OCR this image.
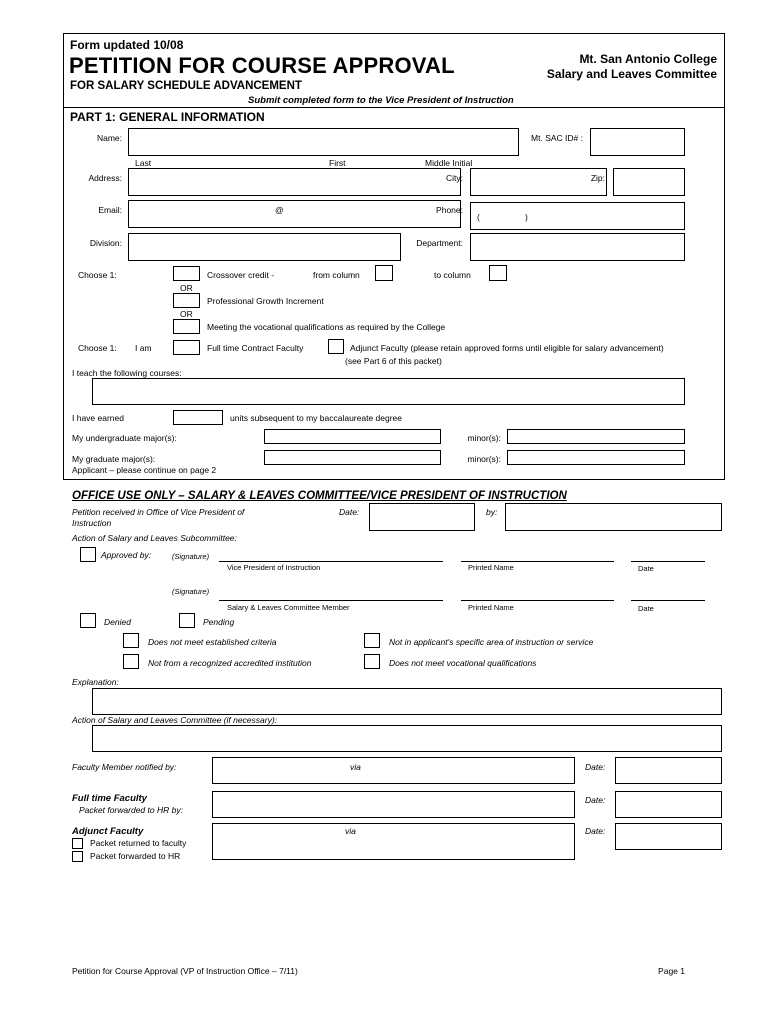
Form updated 10/08
PETITION FOR COURSE APPROVAL
FOR SALARY SCHEDULE ADVANCEMENT
Mt. San Antonio College
Salary and Leaves Committee
Submit completed form to the Vice President of Instruction
PART 1: GENERAL INFORMATION
Name:	Mt. SAC ID# :
Last	First	Middle Initial
Address:	City:	Zip:
Email:	@	Phone:
(	)
Division:	Department:
Choose 1:	Crossover credit -	from column	to column
OR
Professional Growth Increment
OR
Meeting the vocational qualifications as required by the College
Choose 1: I am	Full time Contract Faculty	Adjunct Faculty (please retain approved forms until eligible for salary advancement)
(see Part 6 of this packet)
I teach the following courses:
I have earned	units subsequent to my baccalaureate degree
My undergraduate major(s):	minor(s):
My graduate major(s):	minor(s):
Applicant – please continue on page 2
OFFICE USE ONLY – SALARY & LEAVES COMMITTEE/VICE PRESIDENT OF INSTRUCTION
Petition received in Office of Vice President of
Instruction
Date:	by:
Action of Salary and Leaves Subcommittee:
Approved by:	(Signature)
Vice President of Instruction	Printed Name	Date
(Signature)
Salary & Leaves Committee Member	Printed Name	Date
Denied	Pending
Does not meet established criteria	Not in applicant's specific area of instruction or service
Not from a recognized accredited institution	Does not meet vocational qualifications
Explanation:
Action of Salary and Leaves Committee (if necessary):
Faculty Member notified by:	via	Date:
Full time Faculty
Packet forwarded to HR by:
Date:
Adjunct Faculty	via	Date:
Packet returned to faculty
Packet forwarded to HR
Petition for Course Approval (VP of Instruction Office – 7/11)	Page 1
